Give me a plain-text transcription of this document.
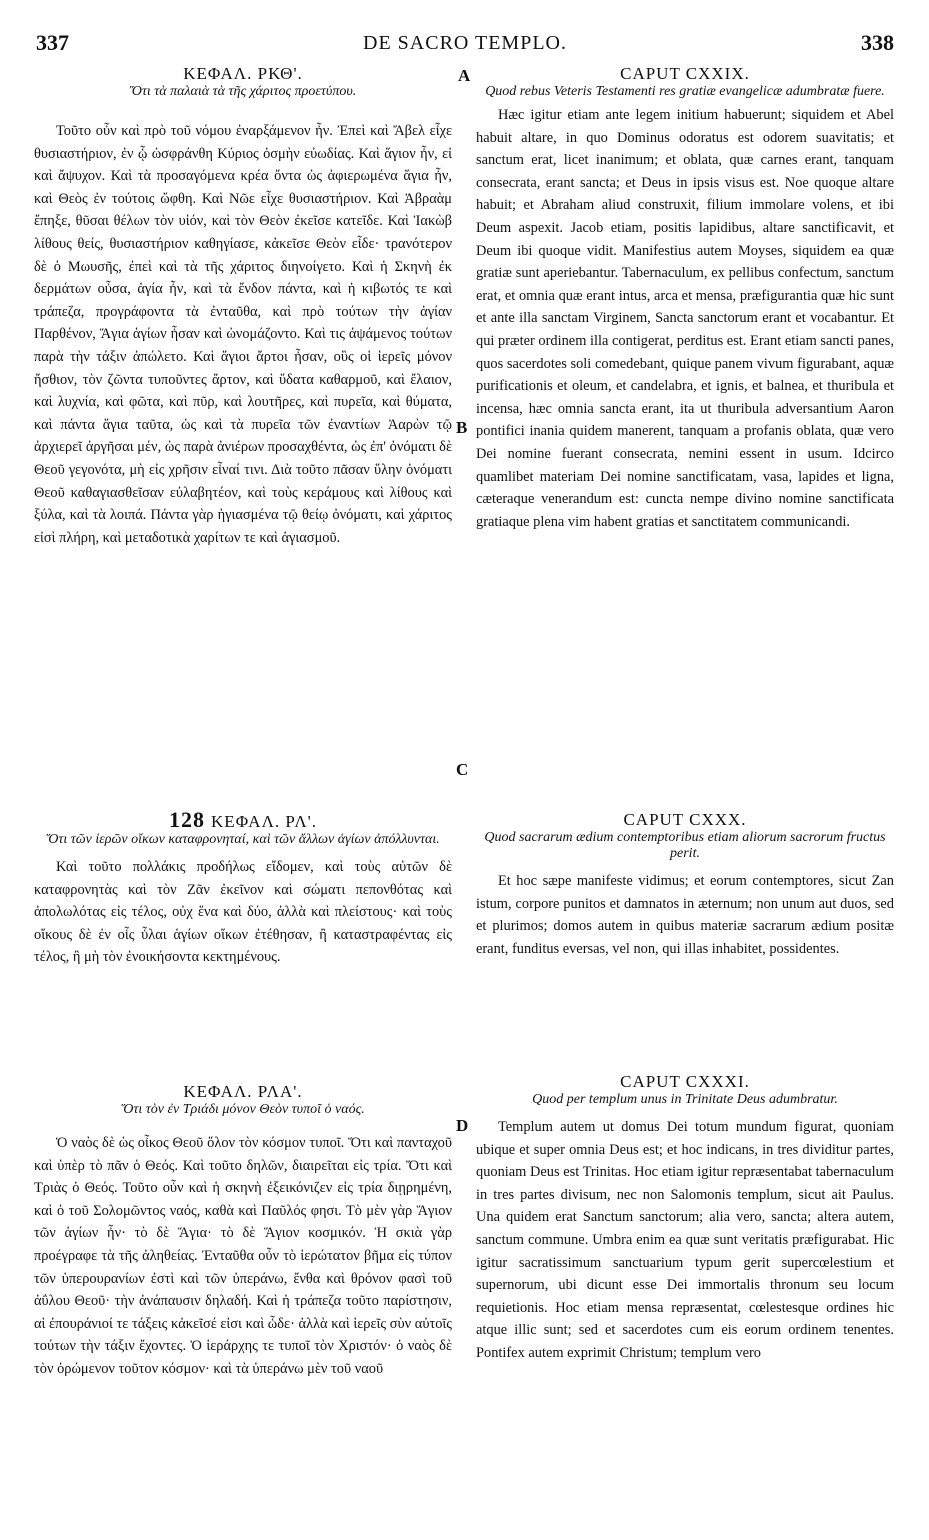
337	DE SACRO TEMPLO.	338
A
B
C
D
ΚΕΦΑΛ. ΡΚΘ'.
Ὅτι τὰ παλαιὰ τὰ τῆς χάριτος προετύπου.
Τοῦτο οὖν καὶ πρὸ τοῦ νόμου ἐναρξάμενον ἦν. Ἐπεὶ καὶ Ἄβελ εἶχε θυσιαστήριον, ἐν ᾧ ὠσφράνθη Κύριος ὀσμὴν εὐωδίας. Καὶ ἅγιον ἦν, εἰ καὶ ἄψυχον. Καὶ τὰ προσαγόμενα κρέα ὄντα ὡς ἀφιερωμένα ἅγια ἦν, καὶ Θεὸς ἐν τούτοις ὤφθη. Καὶ Νῶε εἶχε θυσιαστήριον. Καὶ Ἀβραὰμ ἔπηξε, θῦσαι θέλων τὸν υἱόν, καὶ τὸν Θεὸν ἐκεῖσε κατεῖδε. Καὶ Ἰακὼβ λίθους θείς, θυσιαστήριον καθηγίασε, κἀκεῖσε Θεὸν εἶδε· τρανότερον δὲ ὁ Μωυσῆς, ἐπεὶ καὶ τὰ τῆς χάριτος διηνοίγετο. Καὶ ἡ Σκηνὴ ἐκ δερμάτων οὖσα, ἁγία ἦν, καὶ τὰ ἔνδον πάντα, καὶ ἡ κιβωτός τε καὶ τράπεζα, προγράφοντα τὰ ἐνταῦθα, καὶ πρὸ τούτων τὴν ἁγίαν Παρθένον, Ἅγια ἁγίων ἦσαν καὶ ὠνομάζοντο. Καὶ τις ἀψάμενος τούτων παρὰ τὴν τάξιν ἀπώλετο. Καὶ ἅγιοι ἄρτοι ἦσαν, οὓς οἱ ἱερεῖς μόνον ἤσθιον, τὸν ζῶντα τυποῦντες ἄρτον, καὶ ὕδατα καθαρμοῦ, καὶ ἔλαιον, καὶ λυχνία, καὶ φῶτα, καὶ πῦρ, καὶ λουτῆρες, καὶ πυρεῖα, καὶ θύματα, καὶ πάντα ἅγια ταῦτα, ὡς καὶ τὰ πυρεῖα τῶν ἐναντίων Ἀαρὼν τῷ ἀρχιερεῖ ἀργῆσαι μέν, ὡς παρὰ ἀνιέρων προσαχθέντα, ὡς ἐπ' ὀνόματι δὲ Θεοῦ γεγονότα, μὴ εἰς χρῆσιν εἶναί τινι. Διὰ τοῦτο πᾶσαν ὕλην ὀνόματι Θεοῦ καθαγιασθεῖσαν εὐλαβητέον, καὶ τοὺς κεράμους καὶ λίθους καὶ ξύλα, καὶ τὰ λοιπά. Πάντα γὰρ ἡγιασμένα τῷ θείῳ ὀνόματι, καὶ χάριτος εἰσὶ πλήρη, καὶ μεταδοτικὰ χαρίτων τε καὶ ἁγιασμοῦ.
128 ΚΕΦΑΛ. ΡΛ'.
Ὅτι τῶν ἱερῶν οἴκων καταφρονηταί, καὶ τῶν ἄλλων ἁγίων ἀπόλλυνται.
Καὶ τοῦτο πολλάκις προδήλως εἴδομεν, καὶ τοὺς αὐτῶν δὲ καταφρονητὰς καὶ τὸν Ζᾶν ἐκεῖνον καὶ σώματι πεπονθότας καὶ ἀπολωλότας εἰς τέλος, οὐχ ἕνα καὶ δύο, ἀλλὰ καὶ πλείστους· καὶ τοὺς οἴκους δὲ ἐν οἷς ὗλαι ἁγίων οἴκων ἐτέθησαν, ἢ καταστραφέντας εἰς τέλος, ἢ μὴ τὸν ἐνοικήσοντα κεκτημένους.
ΚΕΦΑΛ. ΡΛΑ'.
Ὅτι τὸν ἐν Τριάδι μόνον Θεὸν τυποῖ ὁ ναός.
Ὁ ναὸς δὲ ὡς οἶκος Θεοῦ ὅλον τὸν κόσμον τυποῖ. Ὅτι καὶ πανταχοῦ καὶ ὑπὲρ τὸ πᾶν ὁ Θεός. Καὶ τοῦτο δηλῶν, διαιρεῖται εἰς τρία. Ὅτι καὶ Τριὰς ὁ Θεός. Τοῦτο οὖν καὶ ἡ σκηνὴ ἐξεικόνιζεν εἰς τρία διῃρημένη, καὶ ὁ τοῦ Σολομῶντος ναός, καθὰ καὶ Παῦλός φησι. Τὸ μὲν γὰρ Ἅγιον τῶν ἁγίων ἦν· τὸ δὲ Ἅγια· τὸ δὲ Ἅγιον κοσμικόν. Ἡ σκιὰ γὰρ προέγραφε τὰ τῆς ἀληθείας. Ἐνταῦθα οὖν τὸ ἱερώτατον βῆμα εἰς τύπον τῶν ὑπερουρανίων ἐστὶ καὶ τῶν ὑπεράνω, ἔνθα καὶ θρόνον φασὶ τοῦ ἀΰλου Θεοῦ· τὴν ἀνάπαυσιν δηλαδή. Καὶ ἡ τράπεζα τοῦτο παρίστησιν, αἱ ἐπουράνιοί τε τάξεις κἀκεῖσέ εἰσι καὶ ὧδε· ἀλλὰ καὶ ἱερεῖς σὺν αὐτοῖς τούτων τὴν τάξιν ἔχοντες. Ὁ ἱεράρχης τε τυποῖ τὸν Χριστόν· ὁ ναὸς δὲ τὸν ὁρώμενον τοῦτον κόσμον· καὶ τὰ ὑπεράνω μὲν τοῦ ναοῦ
CAPUT CXXIX.
Quod rebus Veteris Testamenti res gratiæ evangelicæ adumbratæ fuere.
Hæc igitur etiam ante legem initium habuerunt; siquidem et Abel habuit altare, in quo Dominus odoratus est odorem suavitatis; et sanctum erat, licet inanimum; et oblata, quæ carnes erant, tanquam consecrata, erant sancta; et Deus in ipsis visus est. Noe quoque altare habuit; et Abraham aliud construxit, filium immolare volens, et ibi Deum aspexit. Jacob etiam, positis lapidibus, altare sanctificavit, et Deum ibi quoque vidit. Manifestius autem Moyses, siquidem ea quæ gratiæ sunt aperiebantur. Tabernaculum, ex pellibus confectum, sanctum erat, et omnia quæ erant intus, arca et mensa, præfigurantia quæ hic sunt et ante illa sanctam Virginem, Sancta sanctorum erant et vocabantur. Et qui præter ordinem illa contigerat, perditus est. Erant etiam sancti panes, quos sacerdotes soli comedebant, quique panem vivum figurabant, aquæ purificationis et oleum, et candelabra, et ignis, et balnea, et thuribula et incensa, hæc omnia sancta erant, ita ut thuribula adversantium Aaron pontifici inania quidem manerent, tanquam a profanis oblata, quæ vero Dei nomine fuerant consecrata, nemini essent in usum. Idcirco quamlibet materiam Dei nomine sanctificatam, vasa, lapides et ligna, cæteraque venerandum est: cuncta nempe divino nomine sanctificata gratiaque plena vim habent gratias et sanctitatem communicandi.
CAPUT CXXX.
Quod sacrarum ædium contemptoribus etiam aliorum sacrorum fructus perit.
Et hoc sæpe manifeste vidimus; et eorum contemptores, sicut Zan istum, corpore punitos et damnatos in æternum; non unum aut duos, sed et plurimos; domos autem in quibus materiæ sacrarum ædium positæ erant, funditus eversas, vel non, qui illas inhabitet, possidentes.
CAPUT CXXXI.
Quod per templum unus in Trinitate Deus adumbratur.
Templum autem ut domus Dei totum mundum figurat, quoniam ubique et super omnia Deus est; et hoc indicans, in tres dividitur partes, quoniam Deus est Trinitas. Hoc etiam igitur repræsentabat tabernaculum in tres partes divisum, nec non Salomonis templum, sicut ait Paulus. Una quidem erat Sanctum sanctorum; alia vero, sancta; altera autem, sanctum commune. Umbra enim ea quæ sunt veritatis præfigurabat. Hic igitur sacratissimum sanctuarium typum gerit supercœlestium et supernorum, ubi dicunt esse Dei immortalis thronum seu locum requietionis. Hoc etiam mensa repræsentat, cœlestesque ordines hic atque illic sunt; sed et sacerdotes cum eis eorum ordinem tenentes. Pontifex autem exprimit Christum; templum vero
